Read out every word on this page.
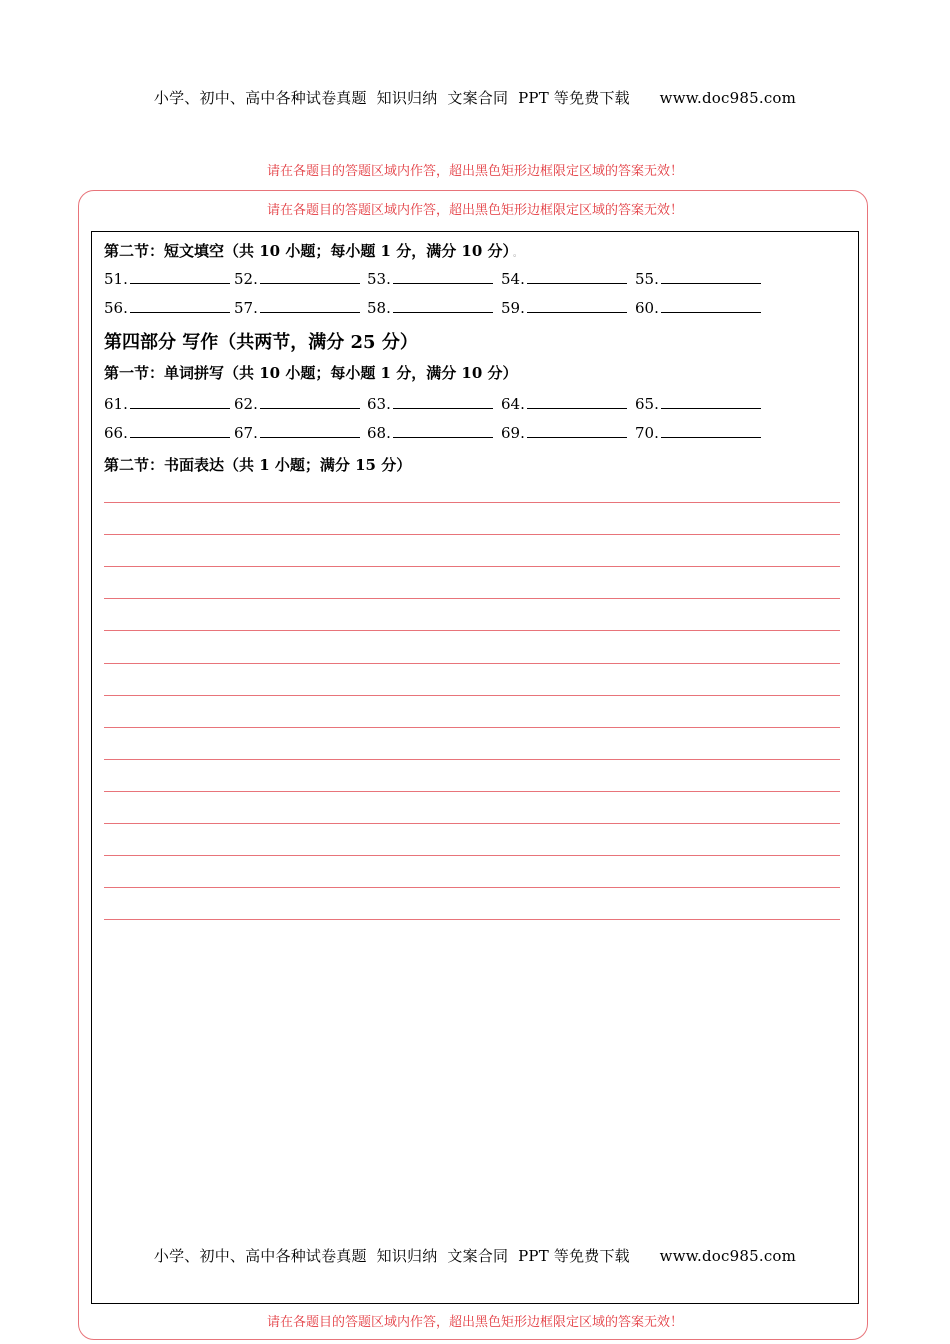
小学、初中、高中各种试卷真题  知识归纳  文案合同  PPT 等免费下载      www.doc985.com
请在各题目的答题区域内作答，超出黑色矩形边框限定区域的答案无效！
请在各题目的答题区域内作答，超出黑色矩形边框限定区域的答案无效！
第二节：短文填空（共 10 小题；每小题 1 分，满分 10 分） 。
51.	52.	53.	54.	55.
56.	57.	58.	59.	60.
第四部分 写作（共两节，满分 25 分）
第一节：单词拼写（共 10 小题；每小题 1 分，满分 10 分）
61.	62.	63.	64.	65.
66.	67.	68.	69.	70.
第二节：书面表达（共 1 小题；满分 15 分）
小学、初中、高中各种试卷真题  知识归纳  文案合同  PPT 等免费下载      www.doc985.com
请在各题目的答题区域内作答，超出黑色矩形边框限定区域的答案无效！
